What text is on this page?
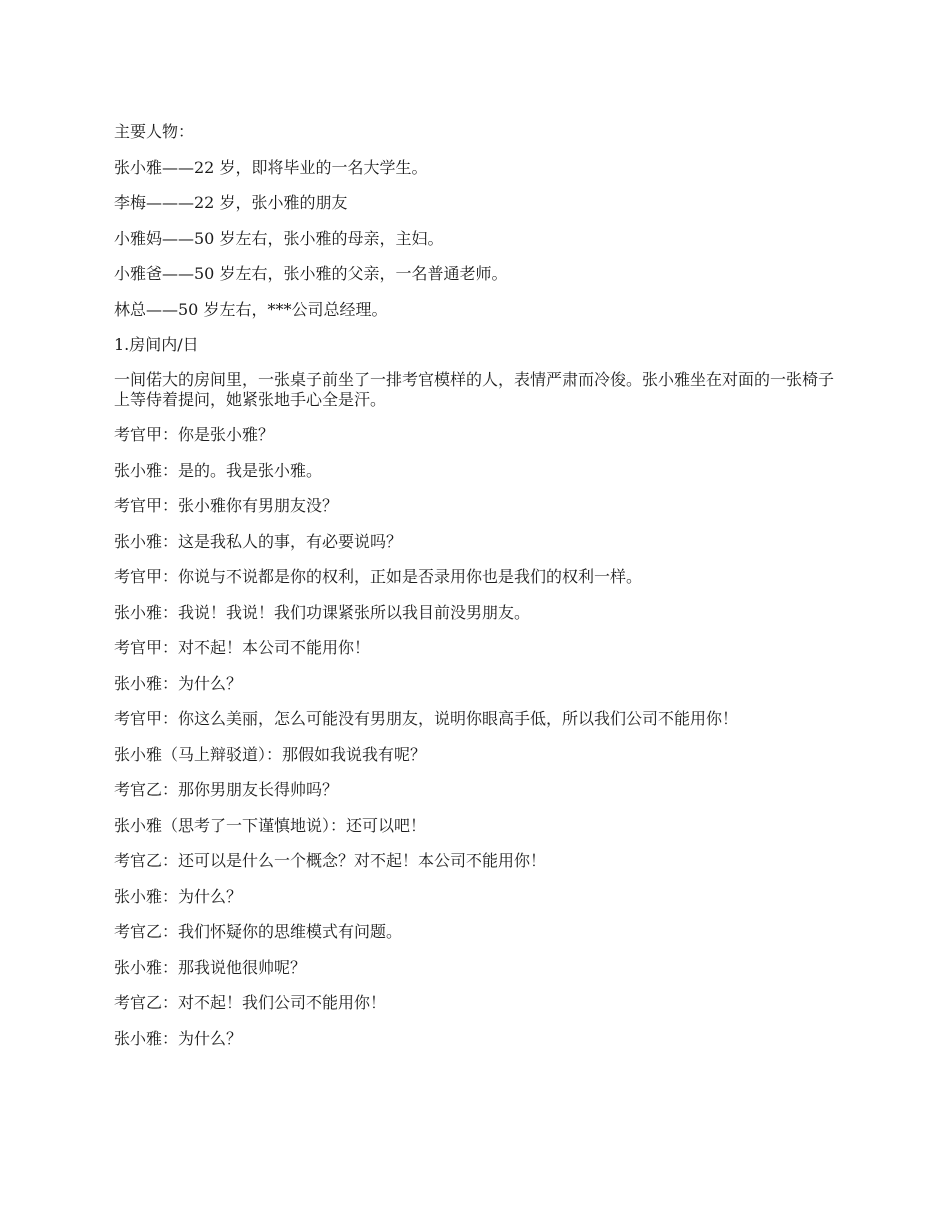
主要人物：

张小雅——22 岁，即将毕业的一名大学生。

李梅———22 岁，张小雅的朋友

小雅妈——50 岁左右，张小雅的母亲，主妇。

小雅爸——50 岁左右，张小雅的父亲，一名普通老师。

林总——50 岁左右，***公司总经理。

1.房间内/日

一间偌大的房间里，一张桌子前坐了一排考官模样的人，表情严肃而冷俊。张小雅坐在对面的一张椅子上等侍着提问，她紧张地手心全是汗。

考官甲：你是张小雅？

张小雅：是的。我是张小雅。

考官甲：张小雅你有男朋友没？

张小雅：这是我私人的事，有必要说吗？

考官甲：你说与不说都是你的权利，正如是否录用你也是我们的权利一样。

张小雅：我说！我说！我们功课紧张所以我目前没男朋友。

考官甲：对不起！本公司不能用你！

张小雅：为什么？

考官甲：你这么美丽，怎么可能没有男朋友，说明你眼高手低，所以我们公司不能用你！

张小雅（马上辩驳道）：那假如我说我有呢？

考官乙：那你男朋友长得帅吗？

张小雅（思考了一下谨慎地说）：还可以吧！

考官乙：还可以是什么一个概念？对不起！本公司不能用你！

张小雅：为什么？

考官乙：我们怀疑你的思维模式有问题。

张小雅：那我说他很帅呢？

考官乙：对不起！我们公司不能用你！

张小雅：为什么？
